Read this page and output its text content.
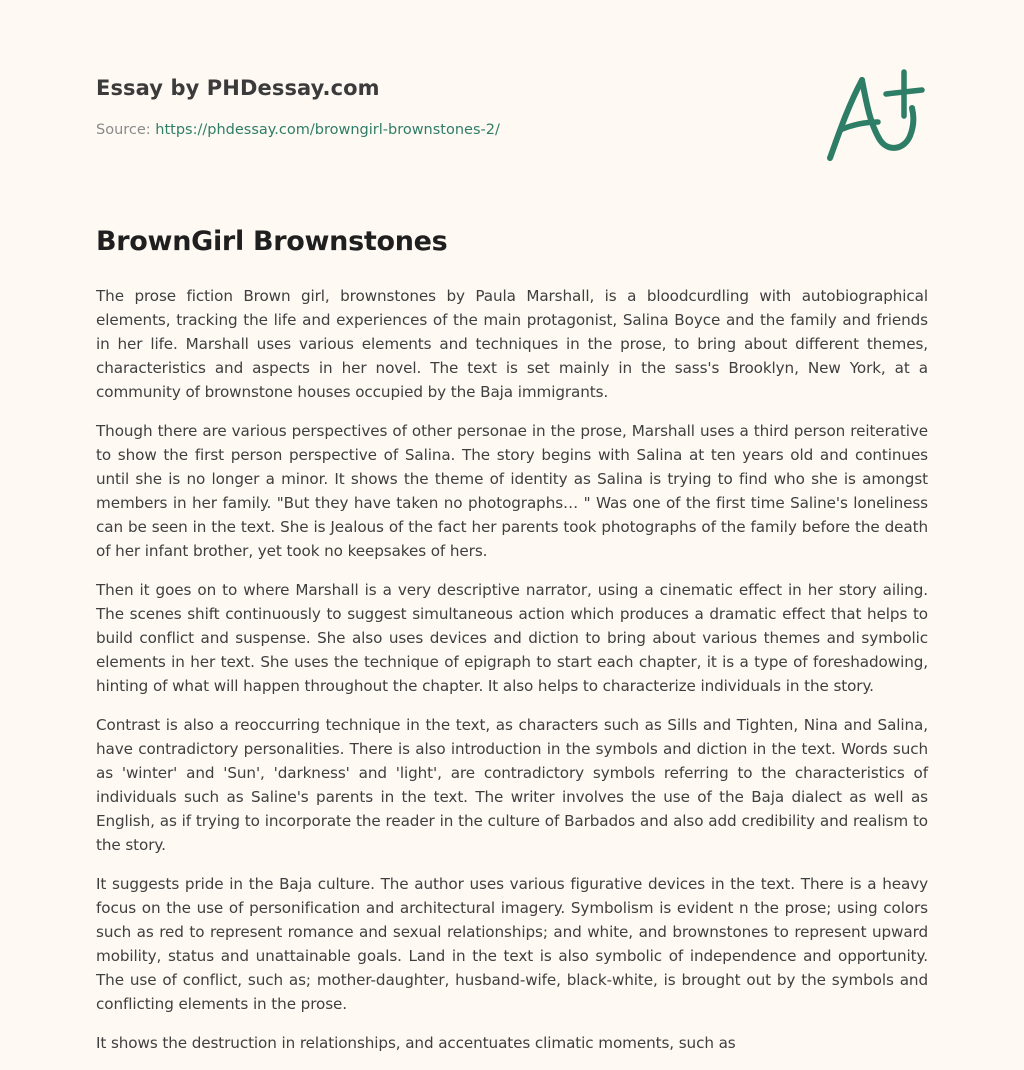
Essay by PHDessay.com
Source: https://phdessay.com/browngirl-brownstones-2/
BrownGirl Brownstones

The prose fiction Brown girl, brownstones by Paula Marshall, is a bloodcurdling with autobiographical elements, tracking the life and experiences of the main protagonist, Salina Boyce and the family and friends in her life. Marshall uses various elements and techniques in the prose, to bring about different themes, characteristics and aspects in her novel. The text is set mainly in the sass's Brooklyn, New York, at a community of brownstone houses occupied by the Baja immigrants.

Though there are various perspectives of other personae in the prose, Marshall uses a third person reiterative to show the first person perspective of Salina. The story begins with Salina at ten years old and continues until she is no longer a minor. It shows the theme of identity as Salina is trying to find who she is amongst members in her family. "But they have taken no photographs… " Was one of the first time Saline's loneliness can be seen in the text. She is Jealous of the fact her parents took photographs of the family before the death of her infant brother, yet took no keepsakes of hers.

Then it goes on to where Marshall is a very descriptive narrator, using a cinematic effect in her story ailing. The scenes shift continuously to suggest simultaneous action which produces a dramatic effect that helps to build conflict and suspense. She also uses devices and diction to bring about various themes and symbolic elements in her text. She uses the technique of epigraph to start each chapter, it is a type of foreshadowing, hinting of what will happen throughout the chapter. It also helps to characterize individuals in the story.

Contrast is also a reoccurring technique in the text, as characters such as Sills and Tighten, Nina and Salina, have contradictory personalities. There is also introduction in the symbols and diction in the text. Words such as 'winter' and 'Sun', 'darkness' and 'light', are contradictory symbols referring to the characteristics of individuals such as Saline's parents in the text. The writer involves the use of the Baja dialect as well as English, as if trying to incorporate the reader in the culture of Barbados and also add credibility and realism to the story.

It suggests pride in the Baja culture. The author uses various figurative devices in the text. There is a heavy focus on the use of personification and architectural imagery. Symbolism is evident n the prose; using colors such as red to represent romance and sexual relationships; and white, and brownstones to represent upward mobility, status and unattainable goals. Land in the text is also symbolic of independence and opportunity. The use of conflict, such as; mother-daughter, husband-wife, black-white, is brought out by the symbols and conflicting elements in the prose.

It shows the destruction in relationships, and accentuates climatic moments, such as
